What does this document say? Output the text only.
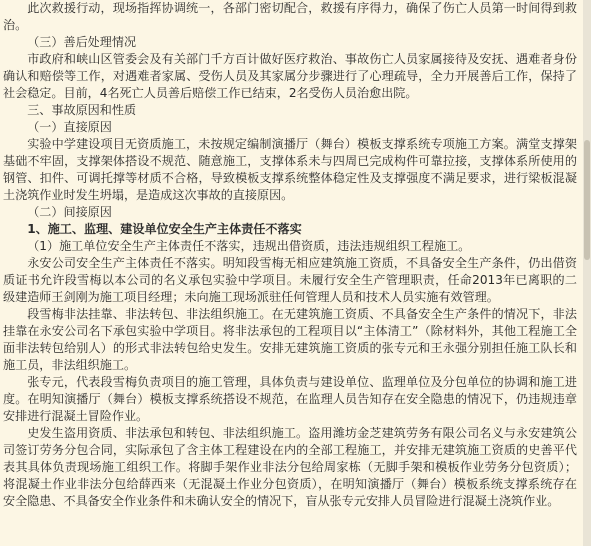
此次救援行动，现场指挥协调统一，各部门密切配合，救援有序得力，确保了伤亡人员第一时间得到救治。

（三）善后处理情况

市政府和峡山区管委会及有关部门千方百计做好医疗救治、事故伤亡人员家属接待及安抚、遇难者身份确认和赔偿等工作，对遇难者家属、受伤人员及其家属分步骤进行了心理疏导，全力开展善后工作，保持了社会稳定。目前，4名死亡人员善后赔偿工作已结束，2名受伤人员治愈出院。

三、事故原因和性质

（一）直接原因

实验中学建设项目无资质施工，未按规定编制演播厅（舞台）模板支撑系统专项施工方案。满堂支撑架基础不牢固，支撑架体搭设不规范、随意施工，支撑体系未与四周已完成构件可靠拉接，支撑体系所使用的钢管、扣件、可调托撑等材质不合格，导致模板支撑系统整体稳定性及支撑强度不满足要求，进行梁板混凝土浇筑作业时发生坍塌，是造成这次事故的直接原因。

（二）间接原因

1、施工、监理、建设单位安全生产主体责任不落实

（1）施工单位安全生产主体责任不落实，违规出借资质，违法违规组织工程施工。

永安公司安全生产主体责任不落实。明知段雪梅无相应建筑施工资质，不具备安全生产条件，仍出借资质证书允许段雪梅以本公司的名义承包实验中学项目。未履行安全生产管理职责，任命2013年已离职的二级建造师王剑刚为施工项目经理；未向施工现场派驻任何管理人员和技术人员实施有效管理。

段雪梅非法挂靠、非法转包、非法组织施工。在无建筑施工资质、不具备安全生产条件的情况下，非法挂靠在永安公司名下承包实验中学项目。将非法承包的工程项目以“主体清工”（除材料外，其他工程施工全面非法转包给别人）的形式非法转包给史发生。安排无建筑施工资质的张专元和王永强分别担任施工队长和施工员，非法组织施工。

张专元，代表段雪梅负责项目的施工管理，具体负责与建设单位、监理单位及分包单位的协调和施工进度。在明知演播厅（舞台）模板支撑系统搭设不规范，在监理人员告知存在安全隐患的情况下，仍违规违章安排进行混凝土冒险作业。

史发生盗用资质、非法承包和转包、非法组织施工。盗用潍坊金芝建筑劳务有限公司名义与永安建筑公司签订劳务分包合同，实际承包了含主体工程建设在内的全部工程施工，并安排无建筑施工资质的史善平代表其具体负责现场施工组织工作。将脚手架作业非法分包给周家栋（无脚手架和模板作业劳务分包资质）；将混凝土作业非法分包给薛西来（无混凝土作业分包资质），在明知演播厅（舞台）模板系统支撑系统存在安全隐患、不具备安全作业条件和未确认安全的情况下，盲从张专元安排人员冒险进行混凝土浇筑作业。
